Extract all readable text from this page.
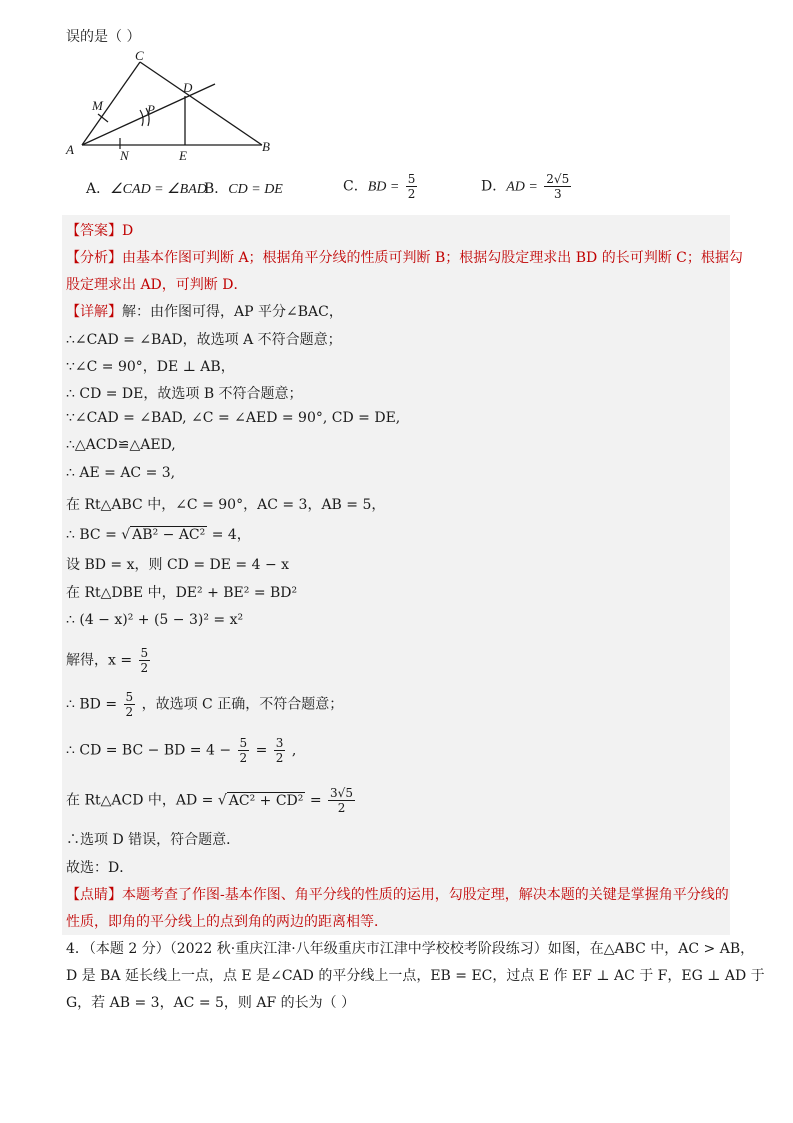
误的是（ ）
A
C
D
B
E
M
N
P
A．∠CAD = ∠BAD
B．CD = DE	C．BD = $\frac{5}{2}$	D．AD = $\frac{2√5}{3}$
【答案】D
【分析】由基本作图可判断 A；根据角平分线的性质可判断 B；根据勾股定理求出 BD 的长可判断 C；根据勾
股定理求出 AD，可判断 D．
【详解】解：由作图可得，AP 平分∠BAC，
∴∠CAD = ∠BAD，故选项 A 不符合题意；
∵∠C = 90°，DE ⊥ AB，
∴ CD = DE，故选项 B 不符合题意；
∵∠CAD = ∠BAD, ∠C = ∠AED = 90°, CD = DE,
∴△ACD≌△AED,
∴ AE = AC = 3,
在 Rt△ABC 中，∠C = 90°，AC = 3，AB = 5，
∴ BC = √ AB² − AC² = 4，
设 BD = x，则 CD = DE = 4 − x
在 Rt△DBE 中，DE² + BE² = BD²
∴ (4 − x)² + (5 − 3)² = x²
解得，$x = \frac{5}{2}$
∴ BD = $\frac{5}{2}$ ，故选项 C 正确，不符合题意；
∴ CD = BC − BD = $4 - \frac{5}{2} = \frac{3}{2}$ ,
在 Rt△ACD 中，AD = √ $AC^2 + CD^2 = \frac{3√5}{2}$
∴选项 D 错误，符合题意．
故选：D．
【点睛】本题考查了作图-基本作图、角平分线的性质的运用，勾股定理，解决本题的关键是掌握角平分线的
性质，即角的平分线上的点到角的两边的距离相等．
4．（本题 2 分）（2022 秋·重庆江津·八年级重庆市江津中学校校考阶段练习）如图，在△ABC 中，AC > AB，
D 是 BA 延长线上一点，点 E 是∠CAD 的平分线上一点，EB = EC，过点 E 作 EF ⊥ AC 于 F，EG ⊥ AD 于
G，若 AB = 3，AC = 5，则 AF 的长为（ ）
